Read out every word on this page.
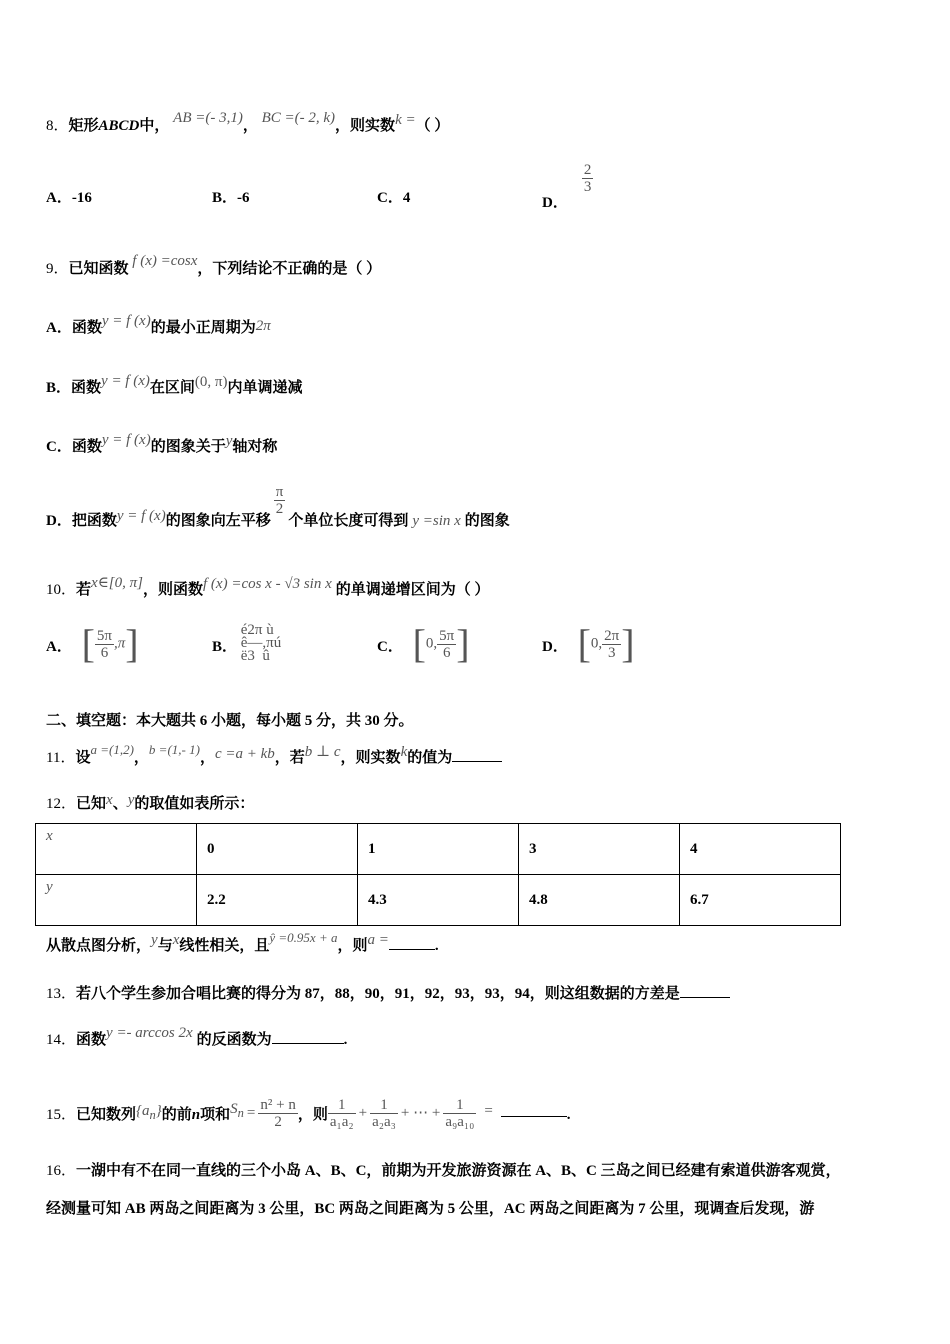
8．矩形ABCD中， AB =(- 3,1)， BC =(- 2, k)，则实数k =（ ）
A．-16	B．-6	C．4	D．
$\frac{2}{3}$
9．已知函数 f (x) =cosx，下列结论不正确的是（ ）
A．函数y = f (x)的最小正周期为2π
B．函数y = f (x)在区间(0, π)内单调递减
C．函数y = f (x)的图象关于y轴对称
D．把函数y = f (x)的图象向左平移
$\frac{\pi}{2}$
个单位长度可得到 y =sin x 的图象
10．若x∈[0, π]，则函数f (x) =cos x - √3 sin x 的单调递增区间为（ ）
A． [ $\frac{5\pi}{6} ,\pi$]	B． é2π ù
ê—,πú
ë3  û
C． [0, $\frac{5\pi}{6}$ ]	D． [0, $\frac{2\pi}{3}$ ]
二、填空题：本大题共 6 小题，每小题 5 分，共 30 分。
11．设a =(1,2)，b =(1,- 1)，c =a + kb，若b ⊥ c，则实数k的值为
12．已知x、y的取值如表所示：
x	0	1	3	4
y	2.2	4.3	4.8	6.7
从散点图分析，y与x线性相关，且ŷ =0.95x + a，则a =	.
13．若八个学生参加合唱比赛的得分为 87，88，90，91，92，93，93，94，则这组数据的方差是
14．函数y =- arccos 2x 的反函数为	.
15．已知数列$\{a_n\}$的前n项和$S_n = \frac{\text{n² + n}}{2}$ ，则 $\frac{1}{\text{a₁a₂}} + \frac{1}{\text{a₂a₃}}$ + ⋯ + $\frac{1}{\text{a₉a₁₀}}$ =	.
16．一湖中有不在同一直线的三个小岛 A、B、C，前期为开发旅游资源在 A、B、C 三岛之间已经建有索道供游客观赏，
经测量可知 AB 两岛之间距离为 3 公里，BC 两岛之间距离为 5 公里，AC 两岛之间距离为 7 公里，现调查后发现，游
